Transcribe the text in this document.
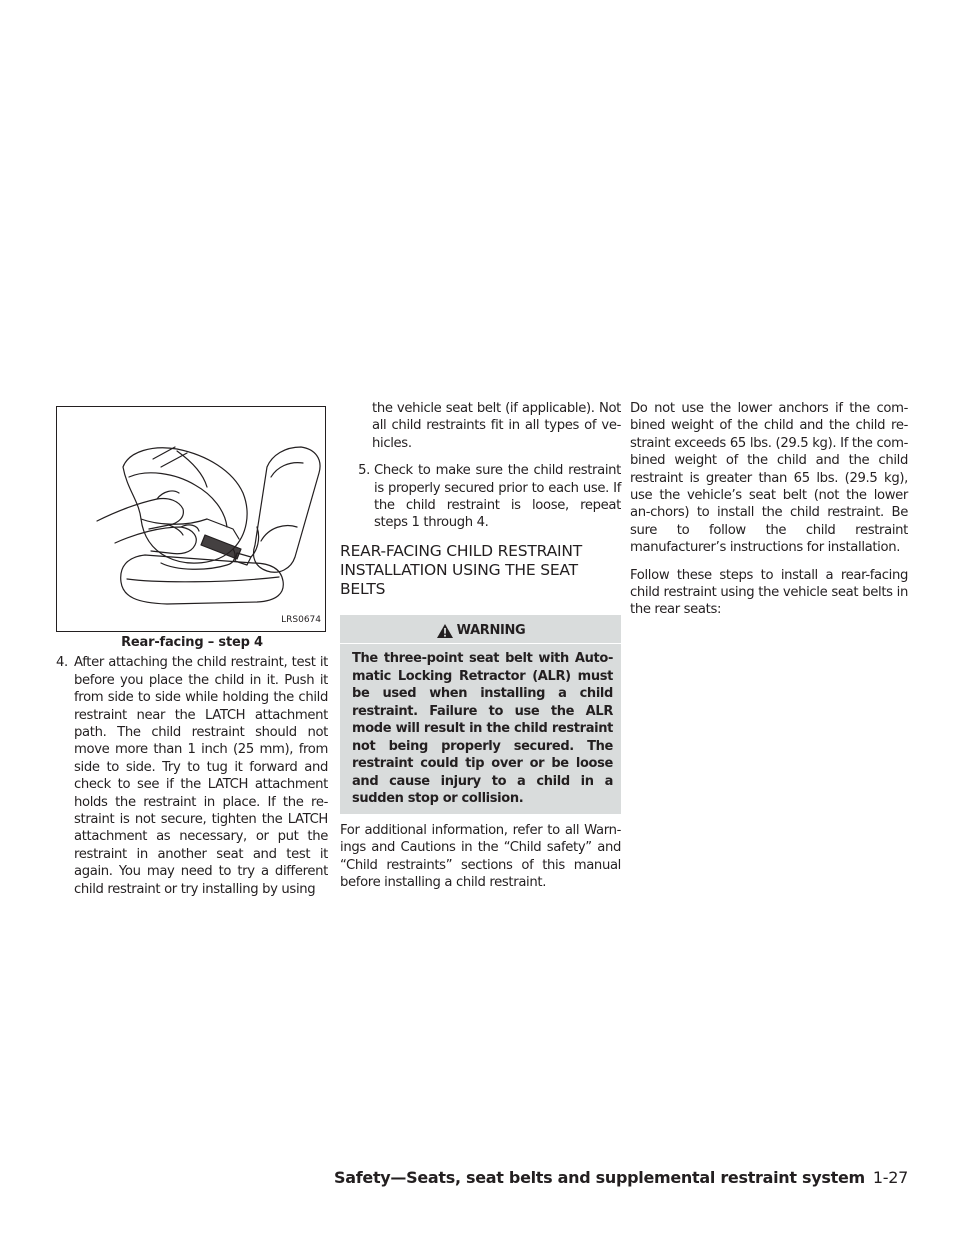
LRS0674
Rear-facing – step 4
4. After attaching the child restraint, test it before you place the child in it. Push it from side to side while holding the child restraint near the LATCH attachment path. The child restraint should not move more than 1 inch (25 mm), from side to side. Try to tug it forward and check to see if the LATCH attachment holds the restraint in place. If the re-straint is not secure, tighten the LATCH attachment as necessary, or put the restraint in another seat and test it again. You may need to try a different child restraint or try installing by using

the vehicle seat belt (if applicable). Not all child restraints fit in all types of ve-hicles.

5. Check to make sure the child restraint is properly secured prior to each use. If the child restraint is loose, repeat steps 1 through 4.

REAR-FACING CHILD RESTRAINT INSTALLATION USING THE SEAT BELTS

WARNING

The three-point seat belt with Auto-matic Locking Retractor (ALR) must be used when installing a child restraint. Failure to use the ALR mode will result in the child restraint not being properly secured. The restraint could tip over or be loose and cause injury to a child in a sudden stop or collision.

For additional information, refer to all Warn-ings and Cautions in the “Child safety” and “Child restraints” sections of this manual before installing a child restraint.

Do not use the lower anchors if the com-bined weight of the child and the child re-straint exceeds 65 lbs. (29.5 kg). If the com-bined weight of the child and the child restraint is greater than 65 lbs. (29.5 kg), use the vehicle’s seat belt (not the lower an-chors) to install the child restraint. Be sure to follow the child restraint manufacturer’s instructions for installation.

Follow these steps to install a rear-facing child restraint using the vehicle seat belts in the rear seats:

Safety—Seats, seat belts and supplemental restraint system 1-27
